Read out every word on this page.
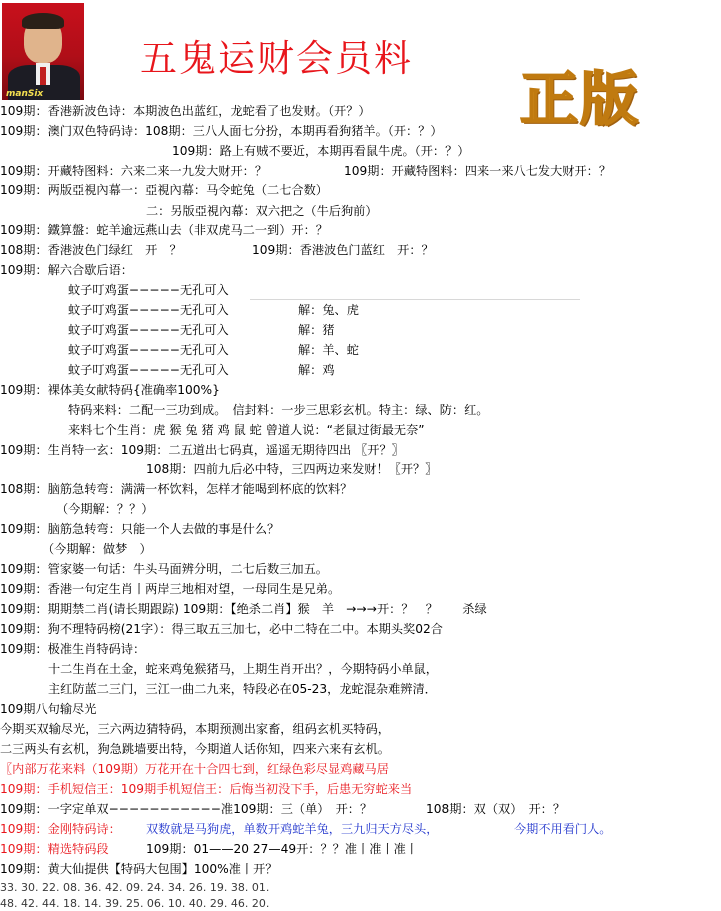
manSix
五鬼运财会员料
正版
109期：香港新波色诗：本期波色出蓝红，龙蛇看了也发财。（开？）
109期：澳门双色特码诗：108期：三八人面七分扮，本期再看狗猪羊。（开：？）
109期：路上有贼不要近，本期再看鼠牛虎。（开：？）
109期：开藏特图料：六来二来一九发大财开：？	109期：开藏特图料：四来一来八七发大财开：？
109期：两版亞視內幕一：亞視內幕：马令蛇兔（二七合数）
二：另版亞視內幕：双六把之（牛后狗前）
109期：鐵算盤：蛇羊逾远燕山去（非双虎马二一到）开：？
108期：香港波色门绿红　开　？	109期：香港波色门蓝红　开：？
109期：解六合歇后语：
蚊子叮鸡蛋−−−−−无孔可入
蚊子叮鸡蛋−−−−−无孔可入	解：兔、虎
蚊子叮鸡蛋−−−−−无孔可入	解：猪
蚊子叮鸡蛋−−−−−无孔可入	解：羊、蛇
蚊子叮鸡蛋−−−−−无孔可入	解：鸡
109期：裸体美女献特码{准确率100%}
特码来料：二配一三功到成。　信封料：一步三思彩玄机。特主：绿、防：红。
来料七个生肖：虎 猴 兔 猪 鸡 鼠 蛇 曾道人说：“老鼠过街最无奈”
109期：生肖特一玄：109期：二五道出七码真，遥遥无期待四出 〖开？〗
108期：四前九后必中特，三四两边来发财！〖开？〗
108期：脑筋急转弯：满满一杯饮料，怎样才能喝到杯底的饮料？
（今期解：？？）
109期：脑筋急转弯：只能一个人去做的事是什么？
（今期解：做梦　）
109期：管家婆一句话：牛头马面辨分明，二七后数三加五。
109期：香港一句定生肖丨两岸三地相对望，一母同生是兄弟。
109期：期期禁二肖(请长期跟踪) 109期：【绝杀二肖】猴　羊　→→→开：？　？　　杀绿
109期：狗不理特码榜(21字）：得三取五三加七，必中二特在二中。本期头奖02合
109期：极准生肖特码诗：
十二生肖在土金，蛇来鸡兔猴猪马，上期生肖开出？，今期特码小单鼠，
主红防蓝二三门，三江一曲二九来，特段必在05-23，龙蛇混杂难辨清．
109期八句输尽光
今期买双输尽光，三六两边猜特码，本期预测出家畜，组码玄机买特码，
二三两头有玄机，狗急跳墙要出特，今期道人话你知，四来六来有玄机。
〖内部万花来料（109期）万花开在十合四七到，红绿色彩尽显鸡藏马居
109期：手机短信王：109期手机短信王：后悔当初没下手，后患无穷蛇来当
109期：一字定单双−−−−−−−−−−−准109期：三（单）　开：？	108期：双（双）　开：？
109期：金刚特码诗： 双数就是马狗虎，单数开鸡蛇羊兔，三九归天方尽头，	今期不用看门人。
109期：精选特码段　 109期：01——20 27—49开：？？准丨准丨准丨
109期：黄大仙提供【特码大包围】100%准丨开？
33. 30. 22. 08. 36. 42. 09. 24. 34. 26. 19. 38. 01.
48. 42. 44. 18. 14. 39. 25. 06. 10. 40. 29. 46. 20.
